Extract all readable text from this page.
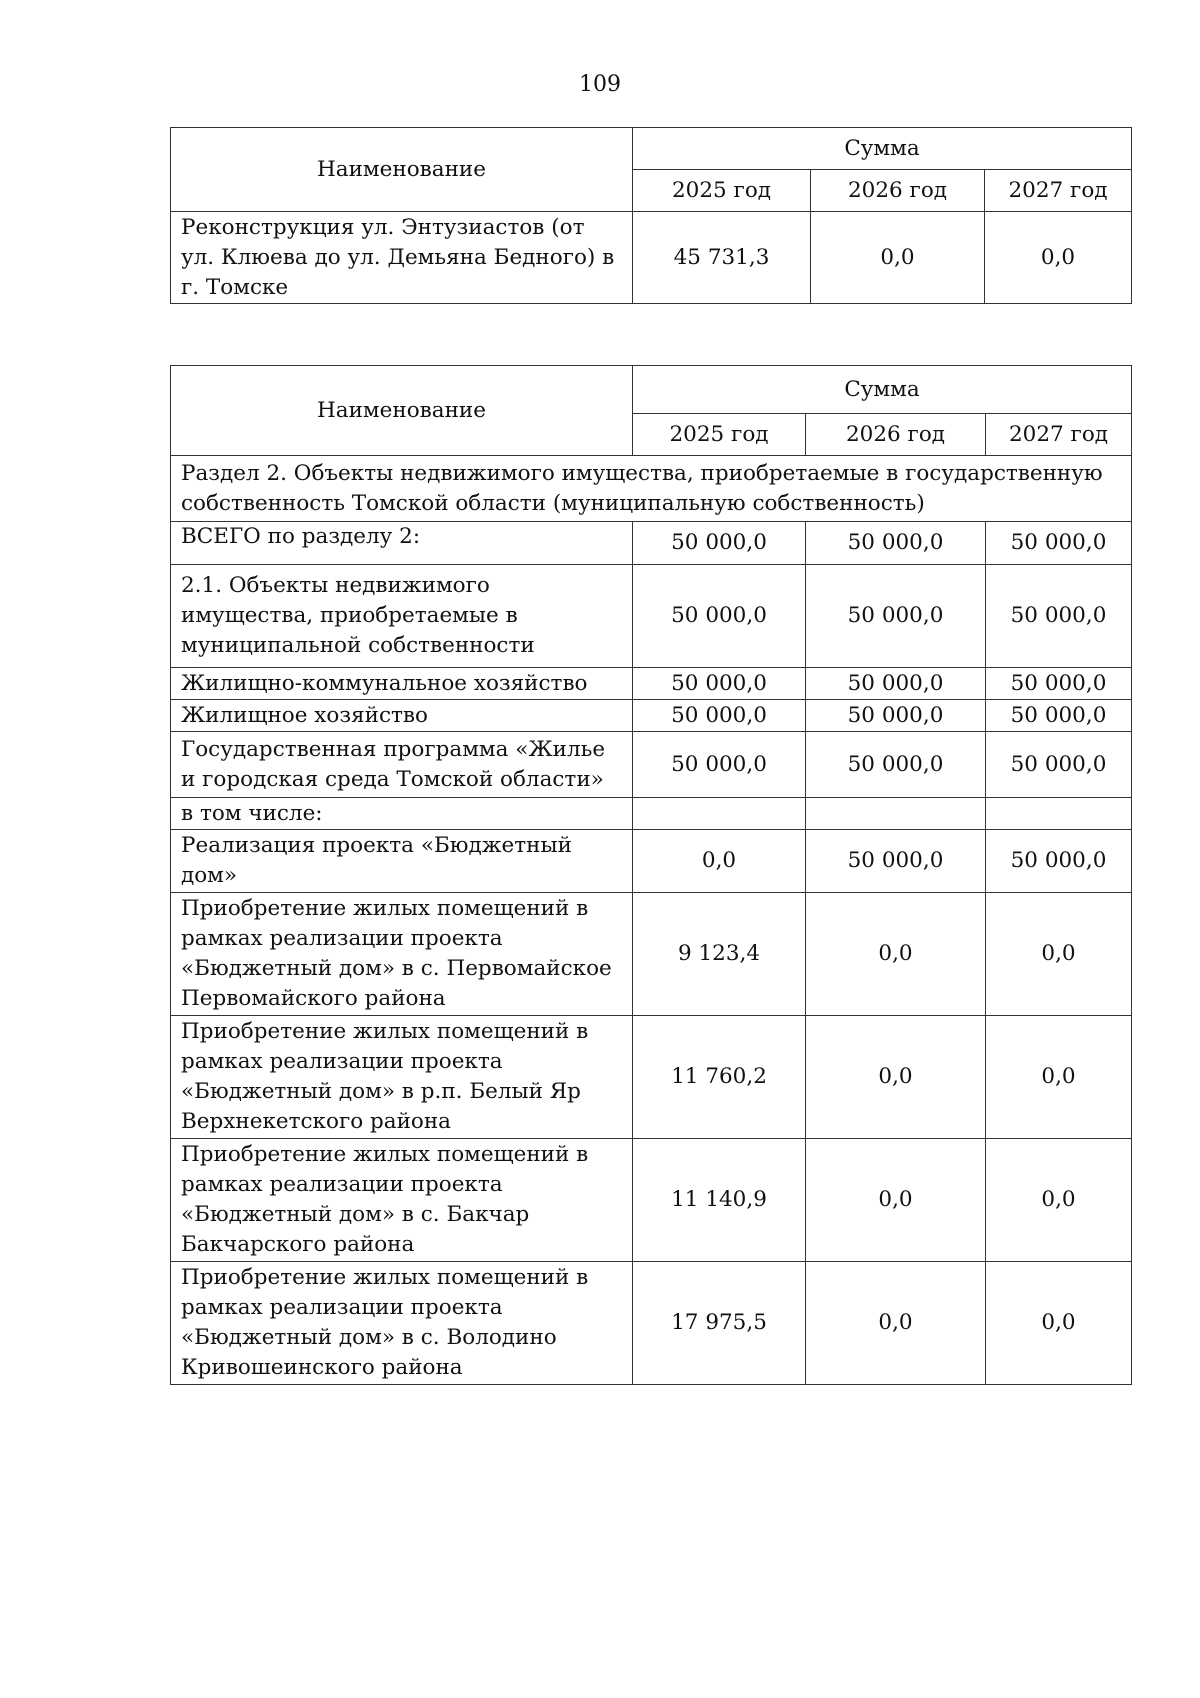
109
Наименование	Сумма		
	2025 год	2026 год	2027 год
Реконструкция ул. Энтузиастов (от ул. Клюева до ул. Демьяна Бедного) в г. Томске	45 731,3	0,0	0,0
Наименование	Сумма		
	2025 год	2026 год	2027 год
Раздел 2. Объекты недвижимого имущества, приобретаемые в государственную собственность Томской области (муниципальную собственность)			
ВСЕГО по разделу 2:	50 000,0	50 000,0	50 000,0
2.1. Объекты недвижимого имущества, приобретаемые в муниципальной собственности	50 000,0	50 000,0	50 000,0
Жилищно-коммунальное хозяйство	50 000,0	50 000,0	50 000,0
Жилищное хозяйство	50 000,0	50 000,0	50 000,0
Государственная программа «Жилье и городская среда Томской области»	50 000,0	50 000,0	50 000,0
в том числе:			
Реализация проекта «Бюджетный дом»	0,0	50 000,0	50 000,0
Приобретение жилых помещений в рамках реализации проекта «Бюджетный дом» в с. Первомайское Первомайского района	9 123,4	0,0	0,0
Приобретение жилых помещений в рамках реализации проекта «Бюджетный дом» в р.п. Белый Яр Верхнекетского района	11 760,2	0,0	0,0
Приобретение жилых помещений в рамках реализации проекта «Бюджетный дом» в с. Бакчар Бакчарского района	11 140,9	0,0	0,0
Приобретение жилых помещений в рамках реализации проекта «Бюджетный дом» в с. Володино Кривошеинского района	17 975,5	0,0	0,0
